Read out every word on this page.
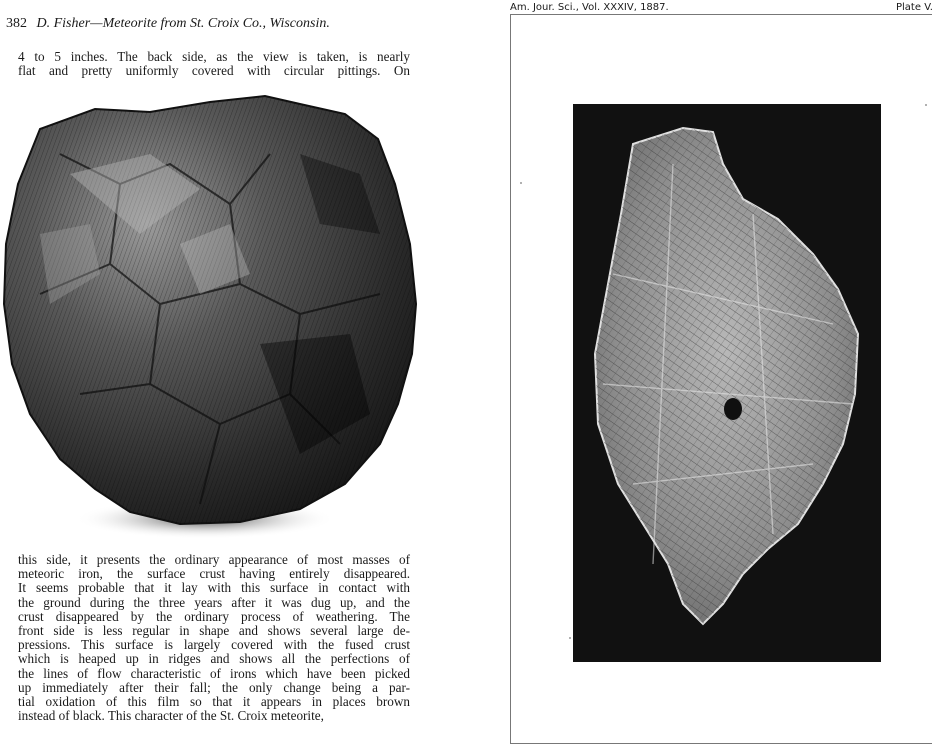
382 D. Fisher—Meteorite from St. Croix Co., Wisconsin.

4 to 5 inches. The back side, as the view is taken, is nearly
flat and pretty uniformly covered with circular pittings. On

this side, it presents the ordinary appearance of most masses of
meteoric iron, the surface crust having entirely disappeared.
It seems probable that it lay with this surface in contact with
the ground during the three years after it was dug up, and the
crust disappeared by the ordinary process of weathering. The
front side is less regular in shape and shows several large de-
pressions. This surface is largely covered with the fused crust
which is heaped up in ridges and shows all the perfections of
the lines of flow characteristic of irons which have been picked
up immediately after their fall; the only change being a par-
tial oxidation of this film so that it appears in places brown
instead of black. This character of the St. Croix meteorite,

Am. Jour. Sci., Vol. XXXIV, 1887.	Plate V.
